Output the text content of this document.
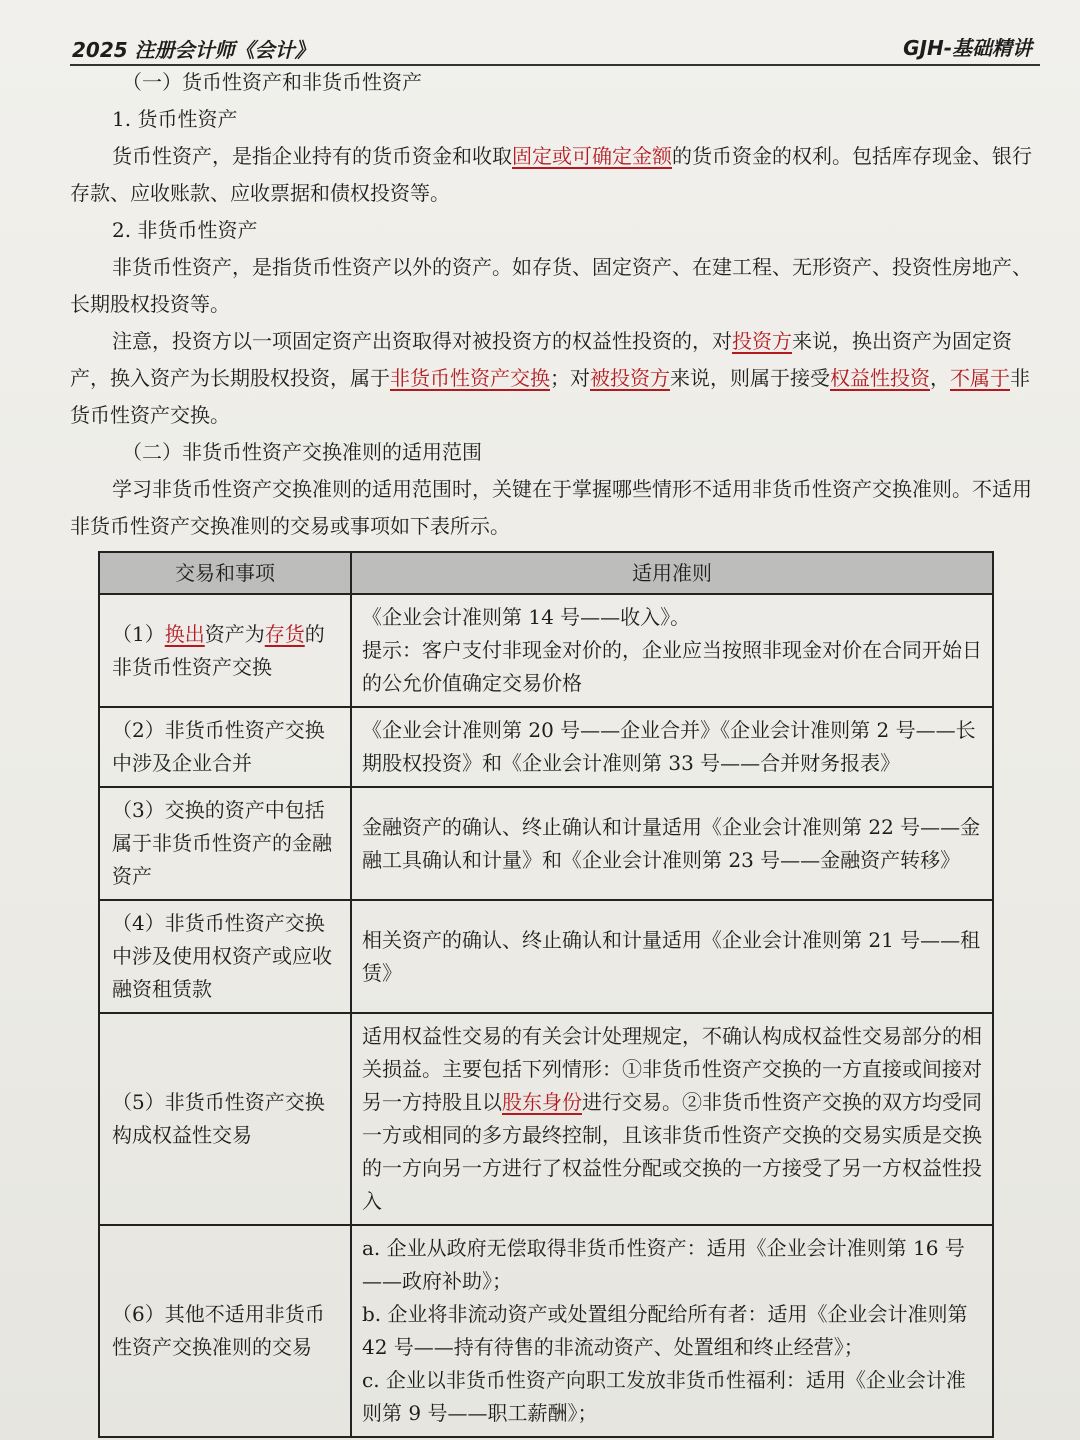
2025 注册会计师《会计》	GJH-基础精讲

（一）货币性资产和非货币性资产

1. 货币性资产

货币性资产，是指企业持有的货币资金和收取固定或可确定金额的货币资金的权利。包括库存现金、银行存款、应收账款、应收票据和债权投资等。

2. 非货币性资产

非货币性资产，是指货币性资产以外的资产。如存货、固定资产、在建工程、无形资产、投资性房地产、长期股权投资等。

注意，投资方以一项固定资产出资取得对被投资方的权益性投资的，对投资方来说，换出资产为固定资产，换入资产为长期股权投资，属于非货币性资产交换；对被投资方来说，则属于接受权益性投资，不属于非货币性资产交换。

（二）非货币性资产交换准则的适用范围

学习非货币性资产交换准则的适用范围时，关键在于掌握哪些情形不适用非货币性资产交换准则。不适用非货币性资产交换准则的交易或事项如下表所示。

交易和事项	适用准则
（1）换出资产为存货的非货币性资产交换	《企业会计准则第 14 号——收入》。
提示：客户支付非现金对价的，企业应当按照非现金对价在合同开始日的公允价值确定交易价格

（2）非货币性资产交换中涉及企业合并	《企业会计准则第 20 号——企业合并》《企业会计准则第 2 号——长期股权投资》和《企业会计准则第 33 号——合并财务报表》
（3）交换的资产中包括属于非货币性资产的金融资产	金融资产的确认、终止确认和计量适用《企业会计准则第 22 号——金融工具确认和计量》和《企业会计准则第 23 号——金融资产转移》
（4）非货币性资产交换中涉及使用权资产或应收融资租赁款	相关资产的确认、终止确认和计量适用《企业会计准则第 21 号——租赁》
（5）非货币性资产交换构成权益性交易	适用权益性交易的有关会计处理规定，不确认构成权益性交易部分的相关损益。主要包括下列情形：①非货币性资产交换的一方直接或间接对另一方持股且以股东身份进行交易。②非货币性资产交换的双方均受同一方或相同的多方最终控制，且该非货币性资产交换的交易实质是交换的一方向另一方进行了权益性分配或交换的一方接受了另一方权益性投入
（6）其他不适用非货币性资产交换准则的交易	a. 企业从政府无偿取得非货币性资产：适用《企业会计准则第 16 号——政府补助》；
b. 企业将非流动资产或处置组分配给所有者：适用《企业会计准则第 42 号——持有待售的非流动资产、处置组和终止经营》；
c. 企业以非货币性资产向职工发放非货币性福利：适用《企业会计准则第 9 号——职工薪酬》；
